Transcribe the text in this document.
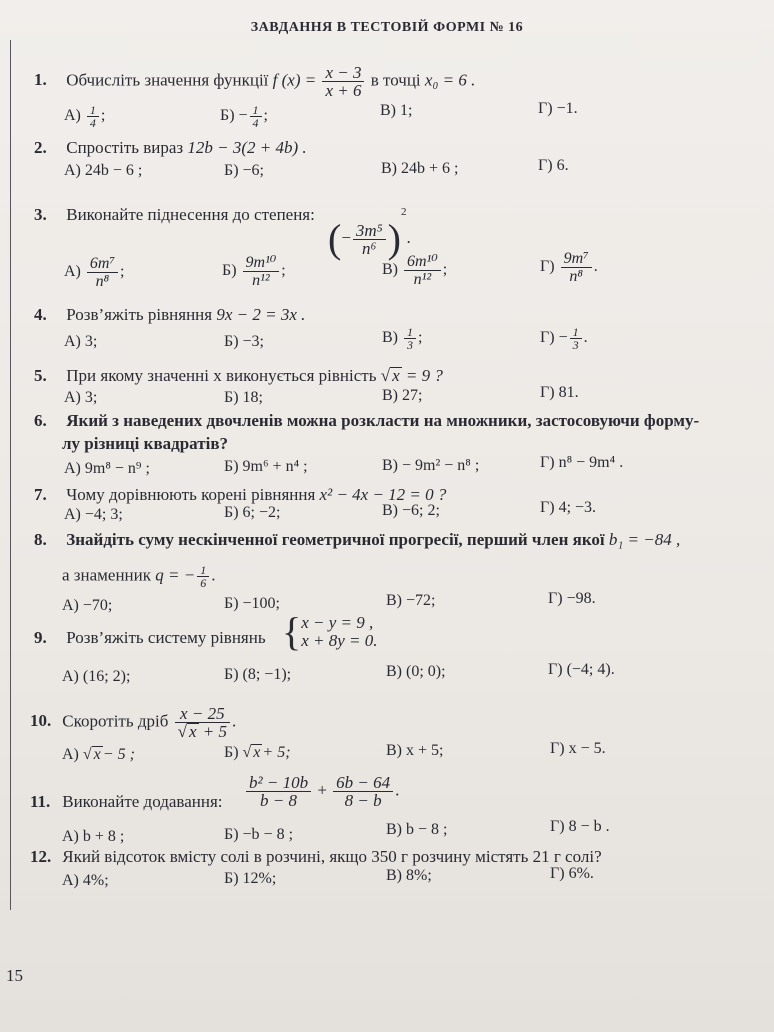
ЗАВДАННЯ В ТЕСТОВІЙ ФОРМІ № 16
1. Обчисліть значення функції f $(x) = \frac{x - 3}{x + 6}$ в точці x₀ = 6 .
$А) \frac{1}{4}$ ;	$Б) - \frac{1}{4}$ ;	В) 1;	Г) −1.
2. Спростіть вираз 12b − 3(2 + 4b) .
А) 24b − 6 ;	Б) −6;	В) 24b + 6 ;	Г) 6.
3. Виконайте піднесення до степеня:
(− $\frac{\text{3m⁵}}{\text{n⁶}} )^2$.
$А) \frac{\text{6m⁷}}{\text{n⁸}}$ ;	$Б) \frac{\text{9m¹⁰}}{\text{n¹²}}$ ;	$В) \frac{\text{6m¹⁰}}{\text{n¹²}}$ ;	$Г) \frac{\text{9m⁷}}{\text{n⁸}}$ .
4. Розв’яжіть рівняння 9x − 2 = 3x .
А) 3;	Б) −3;	$В) \frac{1}{3}$ ;	$Г) - \frac{1}{3}$ .
5. При якому значенні x виконується рівність √ x = 9 ?
А) 3;	Б) 18;	В) 27;	Г) 81.
6. Який з наведених двочленів можна розкласти на множники, застосовуючи форму-
лу різниці квадратів?
А) 9m⁸ − n⁹ ;	Б) 9m⁶ + n⁴ ;	В) − 9m² − n⁸ ;	Г) n⁸ − 9m⁴ .
7. Чому дорівнюють корені рівняння x² − 4x − 12 = 0 ?
А) −4; 3;	Б) 6; −2;	В) −6; 2;	Г) 4; −3.
8. Знайдіть суму нескінченної геометричної прогресії, перший член якої b₁ = −84 ,
а знаменник q = − $\frac{1}{6}$ .
А) −70;	Б) −100;	В) −72;	Г) −98.
9. Розв’яжіть систему рівнянь { x − y = 9 ,
x + 8y = 0.
А) (16; 2);	Б) (8; −1);	В) (0; 0);	Г) (−4; 4).
10. Скоротіть дріб $\frac{x - 25}{√ x + 5}$ .
А) √ x − 5 ;	Б) √ x + 5;	В) x + 5;	Г) x − 5.
11. Виконайте додавання: $\frac{\text{b² − 10b}}{b - 8} + \frac{6b - 64}{8 - b}$ .
А) b + 8 ;	Б) −b − 8 ;	В) b − 8 ;	Г) 8 − b .
12. Який відсоток вмісту солі в розчині, якщо 350 г розчину містять 21 г солі?
А) 4%;	Б) 12%;	В) 8%;	Г) 6%.
15
